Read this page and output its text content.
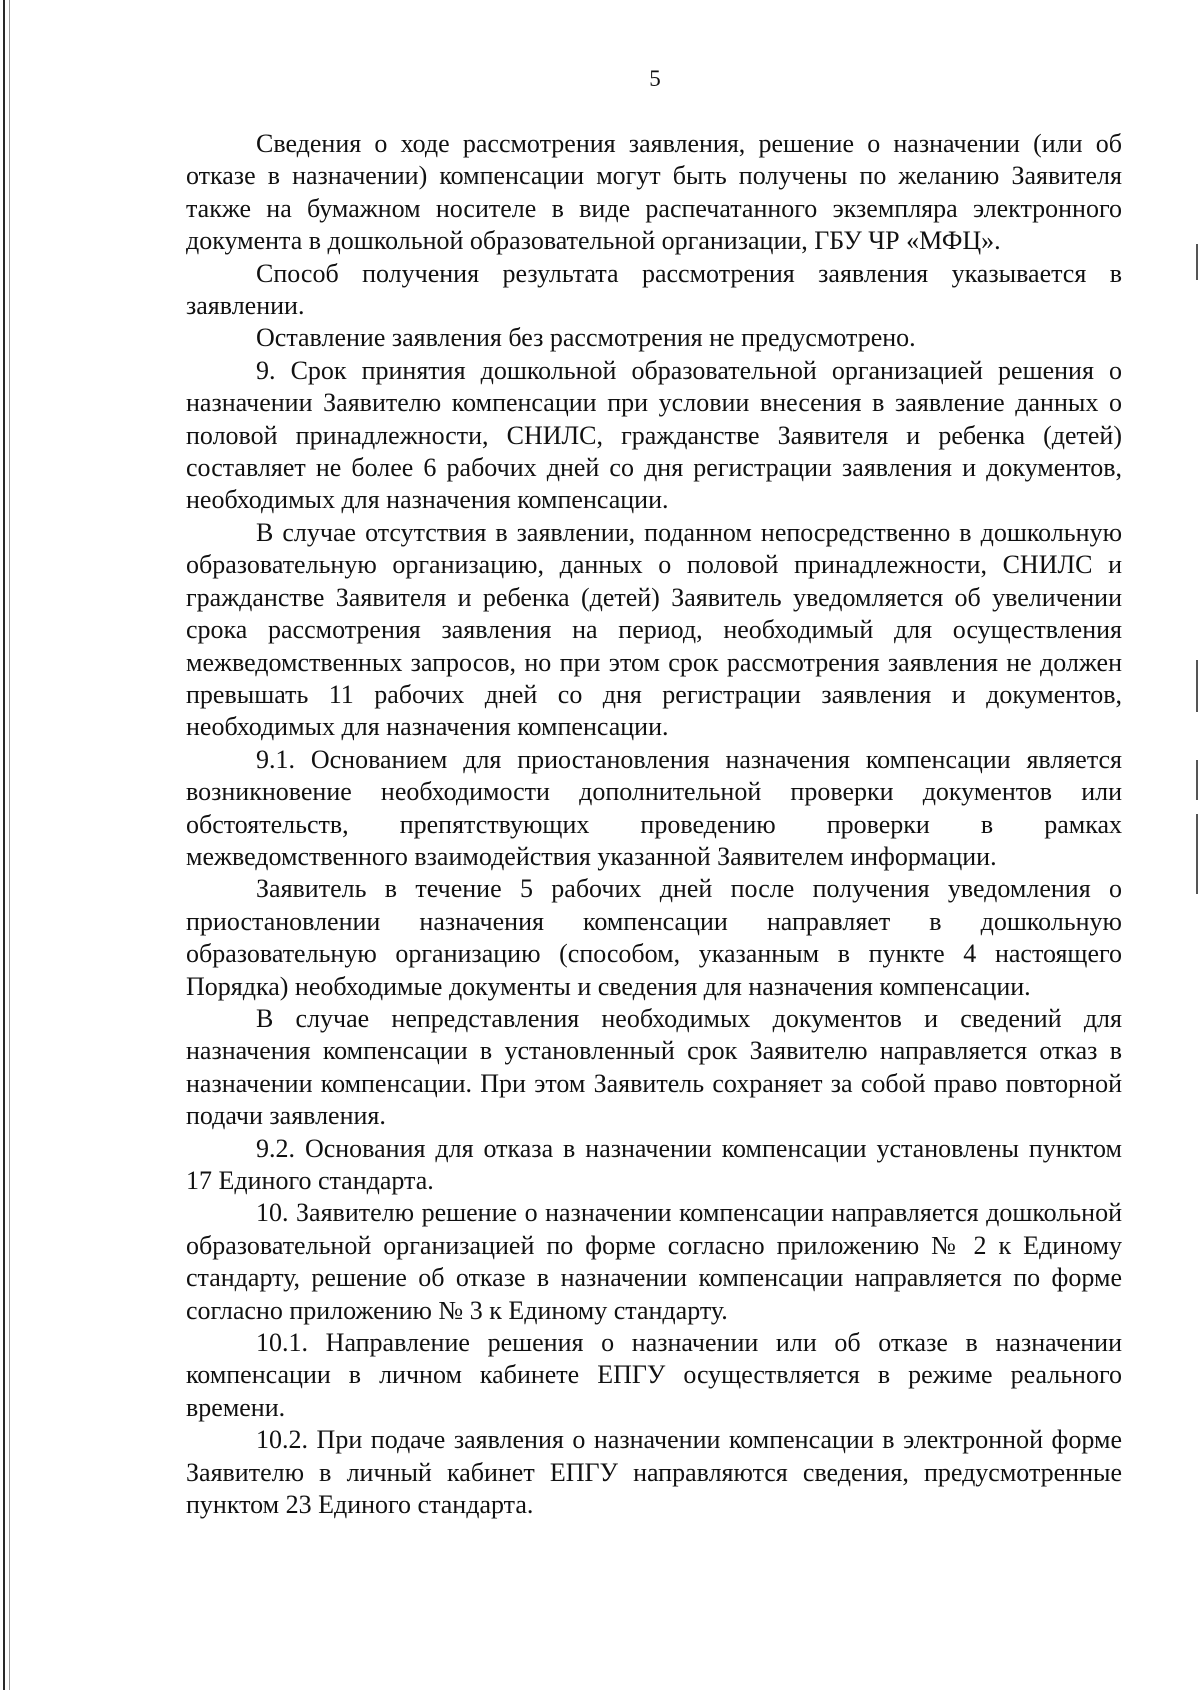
5

Сведения о ходе рассмотрения заявления, решение о назначении (или об отказе в назначении) компенсации могут быть получены по желанию Заявителя также на бумажном носителе в виде распечатанного экземпляра электронного документа в дошкольной образовательной организации, ГБУ ЧР «МФЦ».

Способ получения результата рассмотрения заявления указывается в заявлении.

Оставление заявления без рассмотрения не предусмотрено.

9. Срок принятия дошкольной образовательной организацией решения о назначении Заявителю компенсации при условии внесения в заявление данных о половой принадлежности, СНИЛС, гражданстве Заявителя и ребенка (детей) составляет не более 6 рабочих дней со дня регистрации заявления и документов, необходимых для назначения компенсации.

В случае отсутствия в заявлении, поданном непосредственно в дошкольную образовательную организацию, данных о половой принадлежности, СНИЛС и гражданстве Заявителя и ребенка (детей) Заявитель уведомляется об увеличении срока рассмотрения заявления на период, необходимый для осуществления межведомственных запросов, но при этом срок рассмотрения заявления не должен превышать 11 рабочих дней со дня регистрации заявления и документов, необходимых для назначения компенсации.

9.1. Основанием для приостановления назначения компенсации является возникновение необходимости дополнительной проверки документов или обстоятельств, препятствующих проведению проверки в рамках межведомственного взаимодействия указанной Заявителем информации.

Заявитель в течение 5 рабочих дней после получения уведомления о приостановлении назначения компенсации направляет в дошкольную образовательную организацию (способом, указанным в пункте 4 настоящего Порядка) необходимые документы и сведения для назначения компенсации.

В случае непредставления необходимых документов и сведений для назначения компенсации в установленный срок Заявителю направляется отказ в назначении компенсации. При этом Заявитель сохраняет за собой право повторной подачи заявления.

9.2. Основания для отказа в назначении компенсации установлены пунктом 17 Единого стандарта.

10. Заявителю решение о назначении компенсации направляется дошкольной образовательной организацией по форме согласно приложению № 2 к Единому стандарту, решение об отказе в назначении компенсации направляется по форме согласно приложению № 3 к Единому стандарту.

10.1. Направление решения о назначении или об отказе в назначении компенсации в личном кабинете ЕПГУ осуществляется в режиме реального времени.

10.2. При подаче заявления о назначении компенсации в электронной форме Заявителю в личный кабинет ЕПГУ направляются сведения, предусмотренные пунктом 23 Единого стандарта.
